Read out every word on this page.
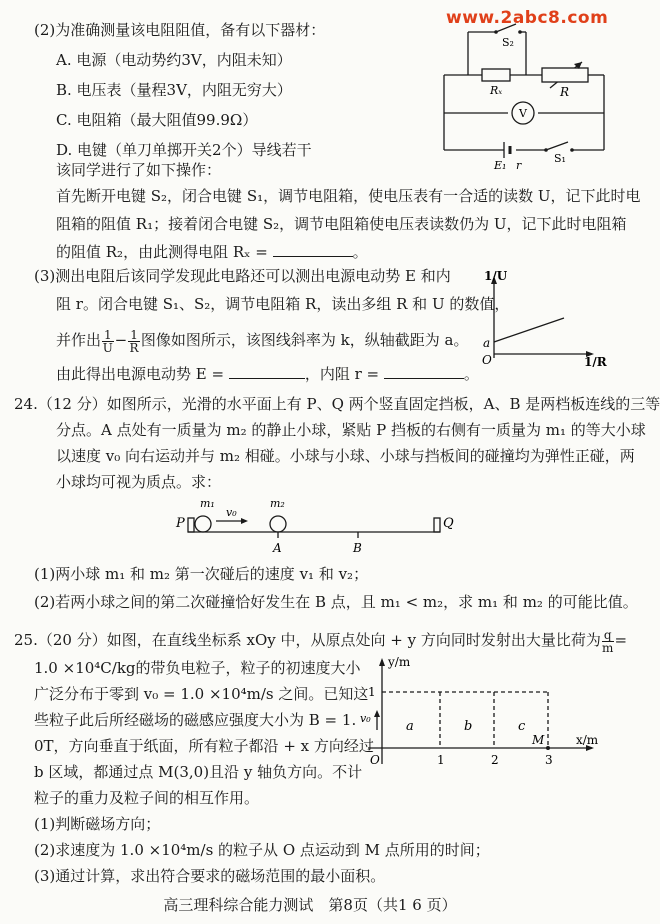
www.2abc8.com
(2)为准确测量该电阻阻值，备有以下器材：
A. 电源（电动势约3V，内阻未知）
B. 电压表（量程3V，内阻无穷大）
C. 电阻箱（最大阻值99.9Ω）
D. 电键（单刀单掷开关2个）导线若干
该同学进行了如下操作：
首先断开电键 S₂，闭合电键 S₁，调节电阻箱，使电压表有一合适的读数 U，记下此时电
阻箱的阻值 R₁；接着闭合电键 S₂，调节电阻箱使电压表读数仍为 U，记下此时电阻箱
的阻值 R₂，由此测得电阻 Rₓ =	。
S₂
Rₓ	R
V
E₁ r
S₁
(3)测出电阻后该同学发现此电路还可以测出电源电动势 E 和内
阻 r。闭合电键 S₁、S₂，调节电阻箱 R，读出多组 R 和 U 的数值，
并作出 $\frac{1}{U} - \frac{1}{R}$ 图像如图所示，该图线斜率为 k，纵轴截距为 a。
由此得出电源电动势 E =	，内阻 r =	。
1/U
1/R
a
O
24.（12 分）如图所示，光滑的水平面上有 P、Q 两个竖直固定挡板，A、B 是两档板连线的三等
分点。A 点处有一质量为 m₂ 的静止小球，紧贴 P 挡板的右侧有一质量为 m₁ 的等大小球
以速度 v₀ 向右运动并与 m₂ 相碰。小球与小球、小球与挡板间的碰撞均为弹性正碰，两
小球均可视为质点。求：
P	Q
m₁	m₂
v₀
A	B
(1)两小球 m₁ 和 m₂ 第一次碰后的速度 v₁ 和 v₂；
(2)若两小球之间的第二次碰撞恰好发生在 B 点，且 m₁ < m₂，求 m₁ 和 m₂ 的可能比值。
25.（20 分）如图，在直线坐标系 xOy 中，从原点处向 + y 方向同时发射出大量比荷为 $\frac{q}{m}$ =
1.0 ×10⁴C/kg的带负电粒子，粒子的初速度大小
广泛分布于零到 v₀ = 1.0 ×10⁴m/s 之间。已知这
些粒子此后所经磁场的磁感应强度大小为 B = 1.
0T，方向垂直于纸面，所有粒子都沿 + x 方向经过
b 区域，都通过点 M(3,0)且沿 y 轴负方向。不计
粒子的重力及粒子间的相互作用。
y/m
x/m
O
1
v₀
a	b	c
M
1	2	3
(1)判断磁场方向；
(2)求速度为 1.0 ×10⁴m/s 的粒子从 O 点运动到 M 点所用的时间；
(3)通过计算，求出符合要求的磁场范围的最小面积。
高三理科综合能力测试　第8页（共1 6 页）
